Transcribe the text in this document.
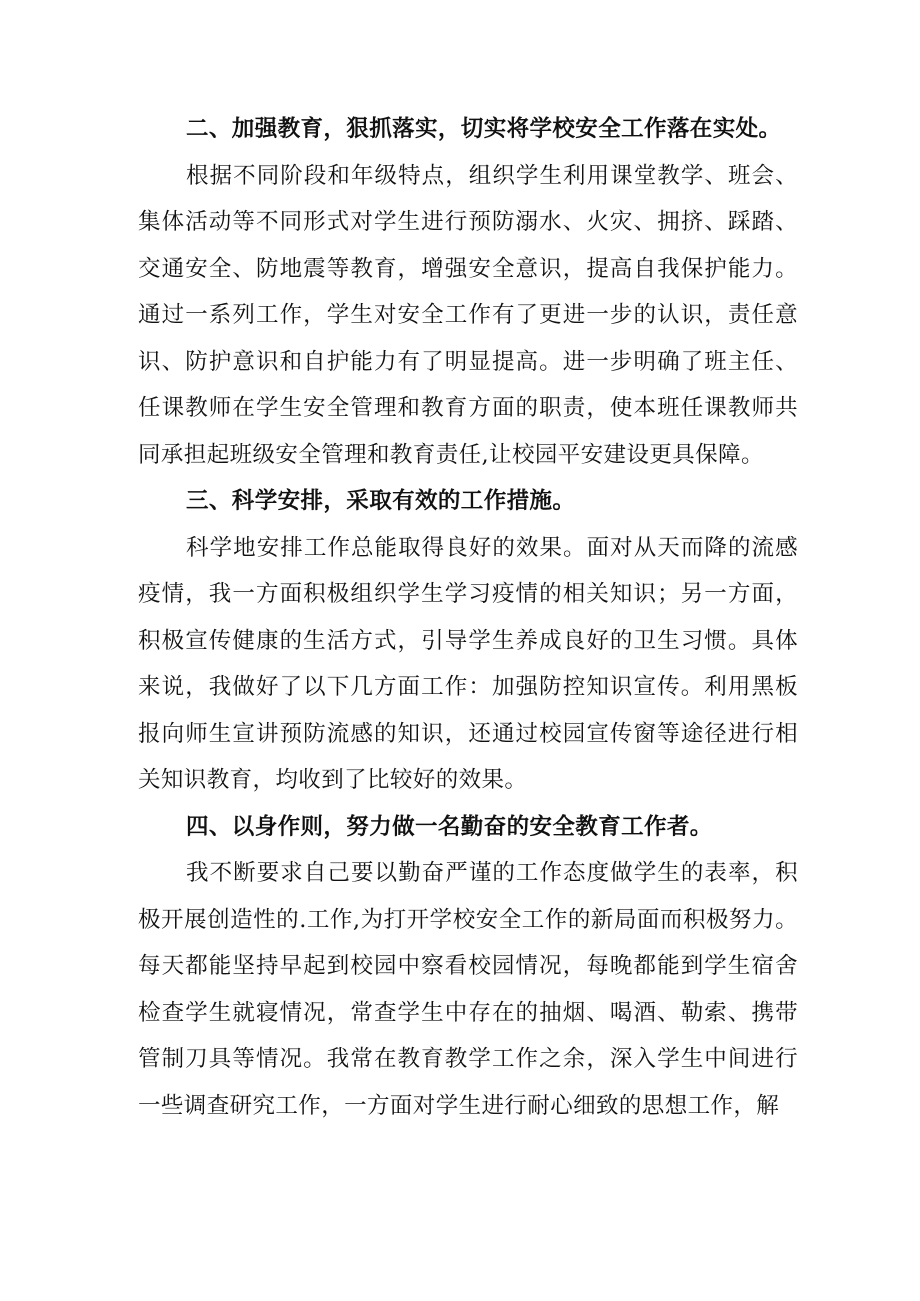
二、加强教育，狠抓落实，切实将学校安全工作落在实处。

根据不同阶段和年级特点，组织学生利用课堂教学、班会、集体活动等不同形式对学生进行预防溺水、火灾、拥挤、踩踏、交通安全、防地震等教育，增强安全意识，提高自我保护能力。通过一系列工作，学生对安全工作有了更进一步的认识，责任意识、防护意识和自护能力有了明显提高。进一步明确了班主任、任课教师在学生安全管理和教育方面的职责，使本班任课教师共同承担起班级安全管理和教育责任,让校园平安建设更具保障。

三、科学安排，采取有效的工作措施。

科学地安排工作总能取得良好的效果。面对从天而降的流感疫情，我一方面积极组织学生学习疫情的相关知识；另一方面，积极宣传健康的生活方式，引导学生养成良好的卫生习惯。具体来说，我做好了以下几方面工作：加强防控知识宣传。利用黑板报向师生宣讲预防流感的知识，还通过校园宣传窗等途径进行相关知识教育，均收到了比较好的效果。

四、以身作则，努力做一名勤奋的安全教育工作者。

我不断要求自己要以勤奋严谨的工作态度做学生的表率，积极开展创造性的.工作,为打开学校安全工作的新局面而积极努力。每天都能坚持早起到校园中察看校园情况，每晚都能到学生宿舍检查学生就寝情况，常查学生中存在的抽烟、喝酒、勒索、携带管制刀具等情况。我常在教育教学工作之余，深入学生中间进行一些调查研究工作，一方面对学生进行耐心细致的思想工作，解
